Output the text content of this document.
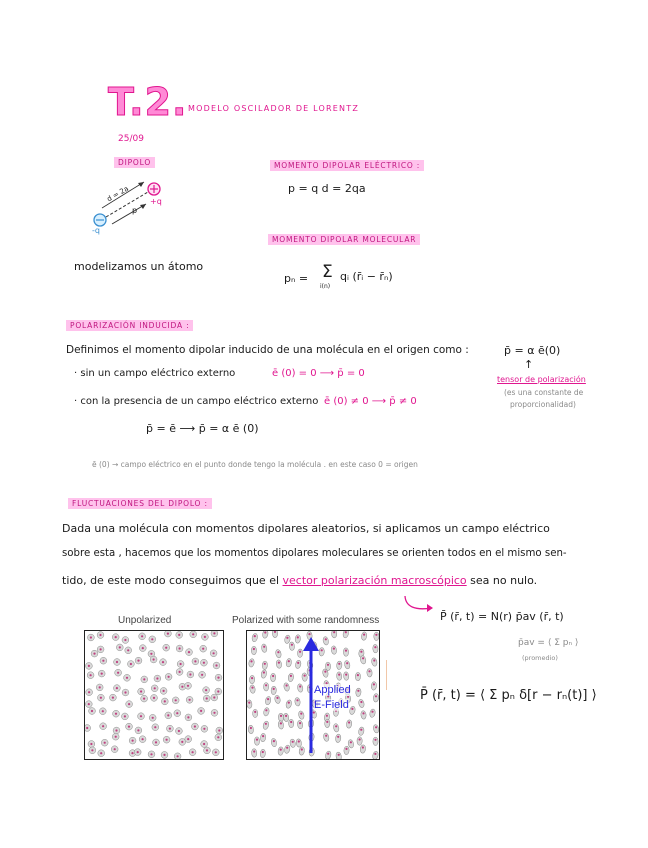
T.2. MODELO OSCILADOR DE LORENTZ
25/09
DIPOLO
d = 2a
p
-q
+q
modelizamos un átomo
MOMENTO DIPOLAR ELÉCTRICO :
p = q d = 2qa
MOMENTO DIPOLAR MOLECULAR
pₙ = Σ
i(n)
qᵢ (r̄ᵢ − r̄ₙ)
POLARIZACIÓN INDUCIDA :
Definimos el momento dipolar inducido de una molécula en el origen como :	p̄ = α ē(0)
↑
tensor de polarización
(es una constante de
proporcionalidad)
· sin un campo eléctrico externo	ē (0) = 0 ⟶ p̄ = 0
· con la presencia de un campo eléctrico externo ē (0) ≠ 0 ⟶ p̄ ≠ 0
p̄ = ē ⟶ p̄ = α ē (0)
ē (0) → campo eléctrico en el punto donde tengo la molécula . en este caso 0 = origen
FLUCTUACIONES DEL DIPOLO :
Dada una molécula con momentos dipolares aleatorios, si aplicamos un campo eléctrico
sobre esta , hacemos que los momentos dipolares moleculares se orienten todos en el mismo sen-
tido, de este modo conseguimos que el vector polarización macroscópico sea no nulo.
P̄ (r̄, t) = N(r) p̄av (r̄, t)
p̄av = ⟨ Σ pₙ ⟩
(promedio)
P̄ (r̄, t) = ⟨ Σ pₙ δ[r − rₙ(t)] ⟩
Unpolarized	Polarized with some randomness
Applied
E-Field
